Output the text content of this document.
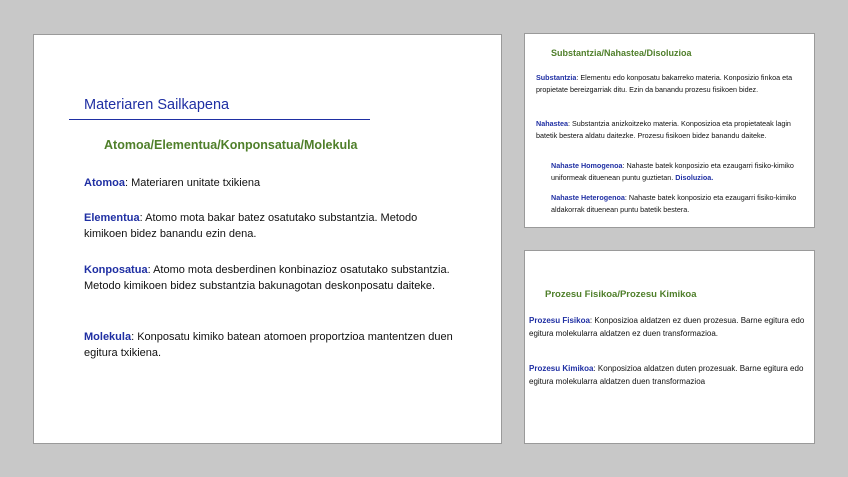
Materiaren Sailkapena
Atomoa/Elementua/Konponsatua/Molekula
Atomoa: Materiaren unitate txikiena
Elementua: Atomo mota bakar batez osatutako substantzia. Metodo kimikoen bidez banandu ezin dena.
Konposatua: Atomo mota desberdinen konbinazioz osatutako substantzia. Metodo kimikoen bidez substantzia bakunagotan deskonposatu daiteke.
Molekula: Konposatu kimiko batean atomoen proportzioa mantentzen duen egitura txikiena.
Substantzia/Nahastea/Disoluzioa
Substantzia: Elementu edo konposatu bakarreko materia. Konposizio finkoa eta propietate bereizgarriak ditu. Ezin da banandu prozesu fisikoen bidez.
Nahastea: Substantzia anizkoitzeko materia. Konposizioa eta propietateak lagin batetik bestera aldatu daitezke. Prozesu fisikoen bidez banandu daiteke.
Nahaste Homogenoa: Nahaste batek konposizio eta ezaugarri fisiko-kimiko uniformeak dituenean puntu guztietan. Disoluzioa.
Nahaste Heterogenoa: Nahaste batek konposizio eta ezaugarri fisiko-kimiko aldakorrak dituenean puntu batetik bestera.
Prozesu Fisikoa/Prozesu Kimikoa
Prozesu Fisikoa: Konposizioa aldatzen ez duen prozesua. Barne egitura edo egitura molekularra aldatzen ez duen transformazioa.
Prozesu Kimikoa: Konposizioa aldatzen duten prozesuak. Barne egitura edo egitura molekularra aldatzen duen transformazioa
